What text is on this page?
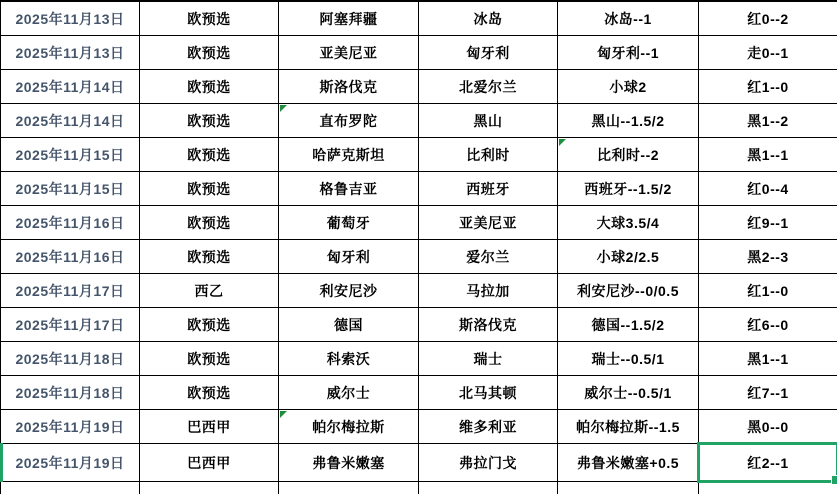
2025年11月13日	欧预选	阿塞拜疆	冰岛	冰岛--1	红0--2
2025年11月13日	欧预选	亚美尼亚	匈牙利	匈牙利--1	走0--1
2025年11月14日	欧预选	斯洛伐克	北爱尔兰	小球2	红1--0
2025年11月14日	欧预选	直布罗陀	黑山	黑山--1.5/2	黑1--2
2025年11月15日	欧预选	哈萨克斯坦	比利时	比利时--2	黑1--1
2025年11月15日	欧预选	格鲁吉亚	西班牙	西班牙--1.5/2	红0--4
2025年11月16日	欧预选	葡萄牙	亚美尼亚	大球3.5/4	红9--1
2025年11月16日	欧预选	匈牙利	爱尔兰	小球2/2.5	黑2--3
2025年11月17日	西乙	利安尼沙	马拉加	利安尼沙--0/0.5	红1--0
2025年11月17日	欧预选	德国	斯洛伐克	德国--1.5/2	红6--0
2025年11月18日	欧预选	科索沃	瑞士	瑞士--0.5/1	黑1--1
2025年11月18日	欧预选	威尔士	北马其顿	威尔士--0.5/1	红7--1
2025年11月19日	巴西甲	帕尔梅拉斯	维多利亚	帕尔梅拉斯--1.5	黑0--0
2025年11月19日	巴西甲	弗鲁米嫩塞	弗拉门戈	弗鲁米嫩塞+0.5	红2--1
